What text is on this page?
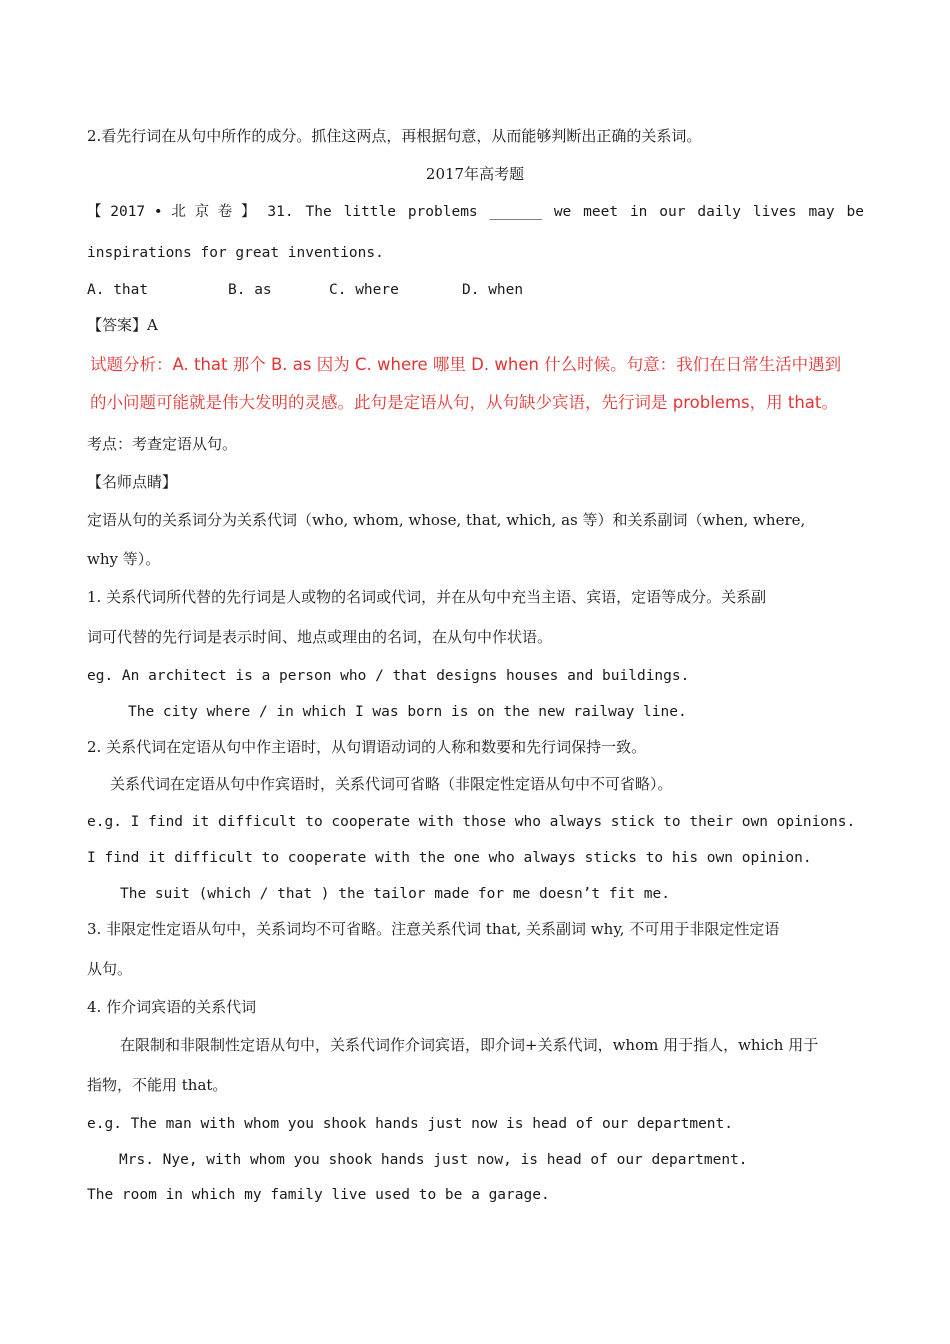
2.看先行词在从句中所作的成分。抓住这两点，再根据句意，从而能够判断出正确的关系词。
2017年高考题
【 2017 • 北 京 卷 】 31. The little problems ______ we meet in our daily lives may be
inspirations for great inventions.
A. that	B. as	C. where	D. when
【答案】A
试题分析：A. that 那个 B. as 因为 C. where 哪里 D. when 什么时候。句意：我们在日常生活中遇到
的小问题可能就是伟大发明的灵感。此句是定语从句，从句缺少宾语，先行词是 problems，用 that。
考点：考查定语从句。
【名师点睛】
定语从句的关系词分为关系代词（who, whom, whose, that, which, as 等）和关系副词（when, where,
why 等）。
1. 关系代词所代替的先行词是人或物的名词或代词，并在从句中充当主语、宾语，定语等成分。关系副
词可代替的先行词是表示时间、地点或理由的名词，在从句中作状语。
eg. An architect is a person who / that designs houses and buildings.
The city where / in which I was born is on the new railway line.
2. 关系代词在定语从句中作主语时，从句谓语动词的人称和数要和先行词保持一致。
关系代词在定语从句中作宾语时，关系代词可省略（非限定性定语从句中不可省略）。
e.g. I find it difficult to cooperate with those who always stick to their own opinions.
I find it difficult to cooperate with the one who always sticks to his own opinion.
The suit (which / that ) the tailor made for me doesn’t fit me.
3. 非限定性定语从句中，关系词均不可省略。注意关系代词 that, 关系副词 why, 不可用于非限定性定语
从句。
4. 作介词宾语的关系代词
在限制和非限制性定语从句中，关系代词作介词宾语，即介词+关系代词，whom 用于指人，which 用于
指物，不能用 that。
e.g. The man with whom you shook hands just now is head of our department.
Mrs. Nye, with whom you shook hands just now, is head of our department.
The room in which my family live used to be a garage.
